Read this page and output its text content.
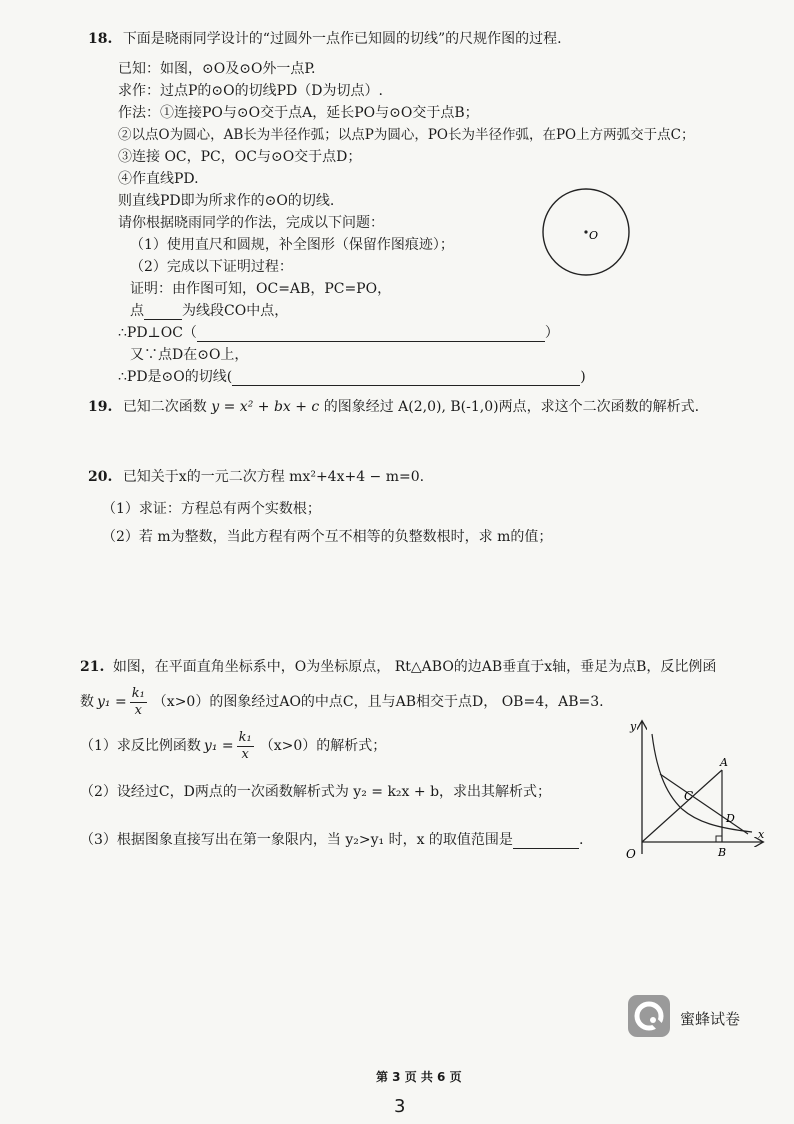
18. 下面是晓雨同学设计的“过圆外一点作已知圆的切线”的尺规作图的过程.
已知：如图，⊙O及⊙O外一点P.
求作：过点P的⊙O的切线PD（D为切点）.
作法：①连接PO与⊙O交于点A，延长PO与⊙O交于点B；
②以点O为圆心，AB长为半径作弧；以点P为圆心，PO长为半径作弧，在PO上方两弧交于点C；
③连接 OC，PC，OC与⊙O交于点D；
④作直线PD.
则直线PD即为所求作的⊙O的切线.
请你根据晓雨同学的作法，完成以下问题：
（1）使用直尺和圆规，补全图形（保留作图痕迹）；
（2）完成以下证明过程：
证明：由作图可知，OC=AB，PC=PO，
点	为线段CO中点，
∴PD⊥OC（	）
又∵点D在⊙O上，
∴PD是⊙O的切线(	)
O
19. 已知二次函数 y = x² + bx + c 的图象经过 A(2,0), B(-1,0)两点，求这个二次函数的解析式.
20. 已知关于x的一元二次方程 mx²+4x+4 − m=0.
（1）求证：方程总有两个实数根；
（2）若 m为整数，当此方程有两个互不相等的负整数根时，求 m的值；
21. 如图，在平面直角坐标系中，O为坐标原点， Rt△ABO的边AB垂直于x轴，垂足为点B，反比例函
数 $y_1 = \frac{\text{k₁}}{x} (x>0)$的图象经过AO的中点C，且与AB相交于点D， OB=4，AB=3.
（1）求反比例函数 $y_1 = \frac{\text{k₁}}{x} (x>0)$的解析式；
（2）设经过C，D两点的一次函数解析式为 y₂ = k₂x + b，求出其解析式；
（3）根据图象直接写出在第一象限内，当 y₂>y₁ 时，x 的取值范围是	.
y
x
O
A
B
C
D
蜜蜂试卷
第 3 页 共 6 页
3
